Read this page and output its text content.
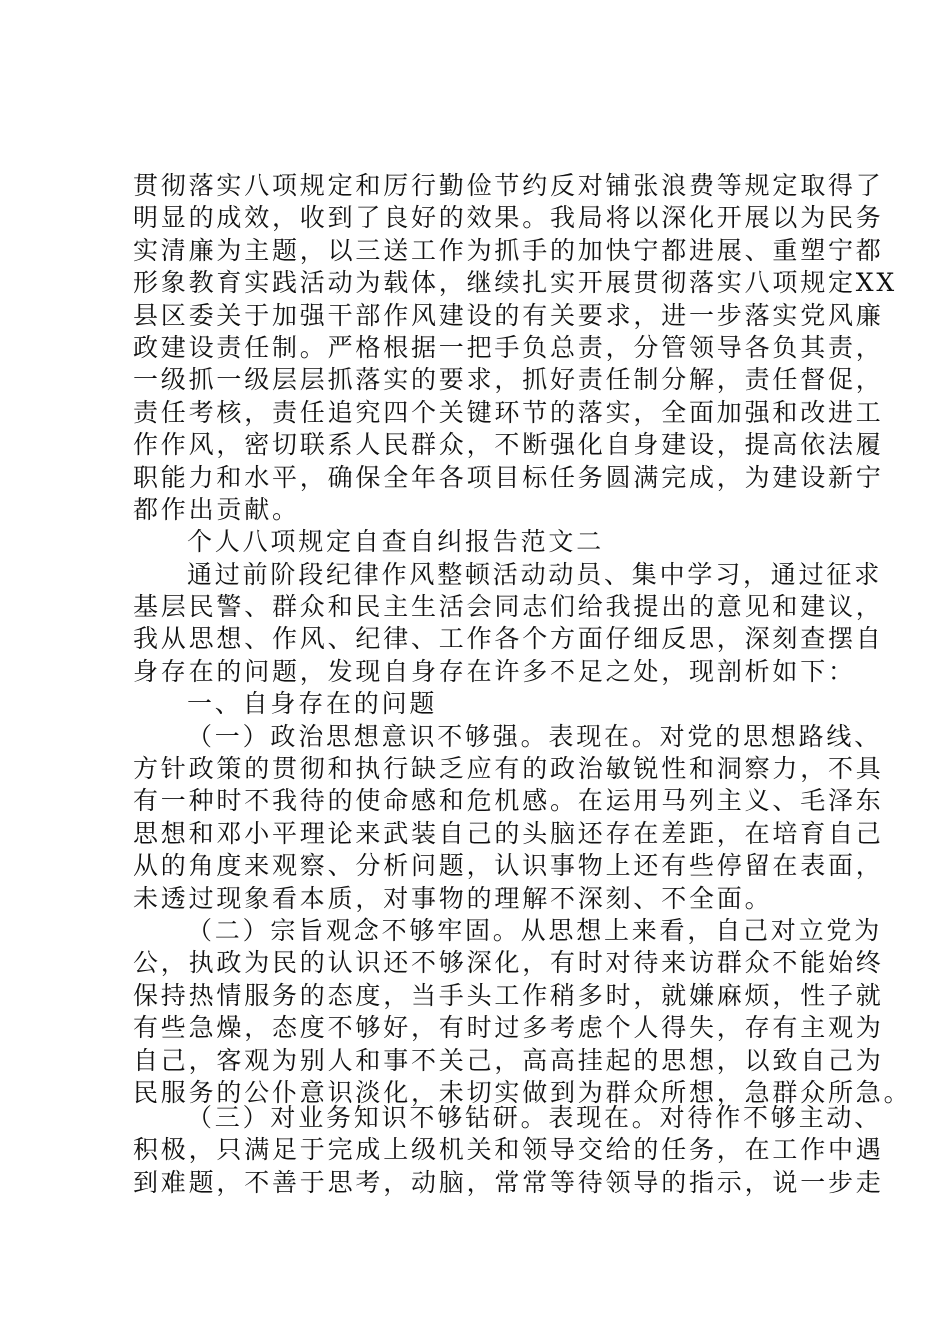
贯彻落实八项规定和厉行勤俭节约反对铺张浪费等规定取得了
明显的成效，收到了良好的效果。我局将以深化开展以为民务
实清廉为主题，以三送工作为抓手的加快宁都进展、重塑宁都
形象教育实践活动为载体，继续扎实开展贯彻落实八项规定XX
县区委关于加强干部作风建设的有关要求，进一步落实党风廉
政建设责任制。严格根据一把手负总责，分管领导各负其责，
一级抓一级层层抓落实的要求，抓好责任制分解，责任督促，
责任考核，责任追究四个关键环节的落实，全面加强和改进工
作作风，密切联系人民群众，不断强化自身建设，提高依法履
职能力和水平，确保全年各项目标任务圆满完成，为建设新宁
都作出贡献。
个人八项规定自查自纠报告范文二
通过前阶段纪律作风整顿活动动员、集中学习，通过征求
基层民警、群众和民主生活会同志们给我提出的意见和建议，
我从思想、作风、纪律、工作各个方面仔细反思，深刻查摆自
身存在的问题，发现自身存在许多不足之处，现剖析如下：
一、自身存在的问题
（一）政治思想意识不够强。表现在。对党的思想路线、
方针政策的贯彻和执行缺乏应有的政治敏锐性和洞察力，不具
有一种时不我待的使命感和危机感。在运用马列主义、毛泽东
思想和邓小平理论来武装自己的头脑还存在差距，在培育自己
从的角度来观察、分析问题，认识事物上还有些停留在表面，
未透过现象看本质，对事物的理解不深刻、不全面。
（二）宗旨观念不够牢固。从思想上来看，自己对立党为
公，执政为民的认识还不够深化，有时对待来访群众不能始终
保持热情服务的态度，当手头工作稍多时，就嫌麻烦，性子就
有些急燥，态度不够好，有时过多考虑个人得失，存有主观为
自己，客观为别人和事不关己，高高挂起的思想，以致自己为
民服务的公仆意识淡化，未切实做到为群众所想，急群众所急。
（三）对业务知识不够钻研。表现在。对待作不够主动、
积极，只满足于完成上级机关和领导交给的任务，在工作中遇
到难题，不善于思考，动脑，常常等待领导的指示，说一步走
